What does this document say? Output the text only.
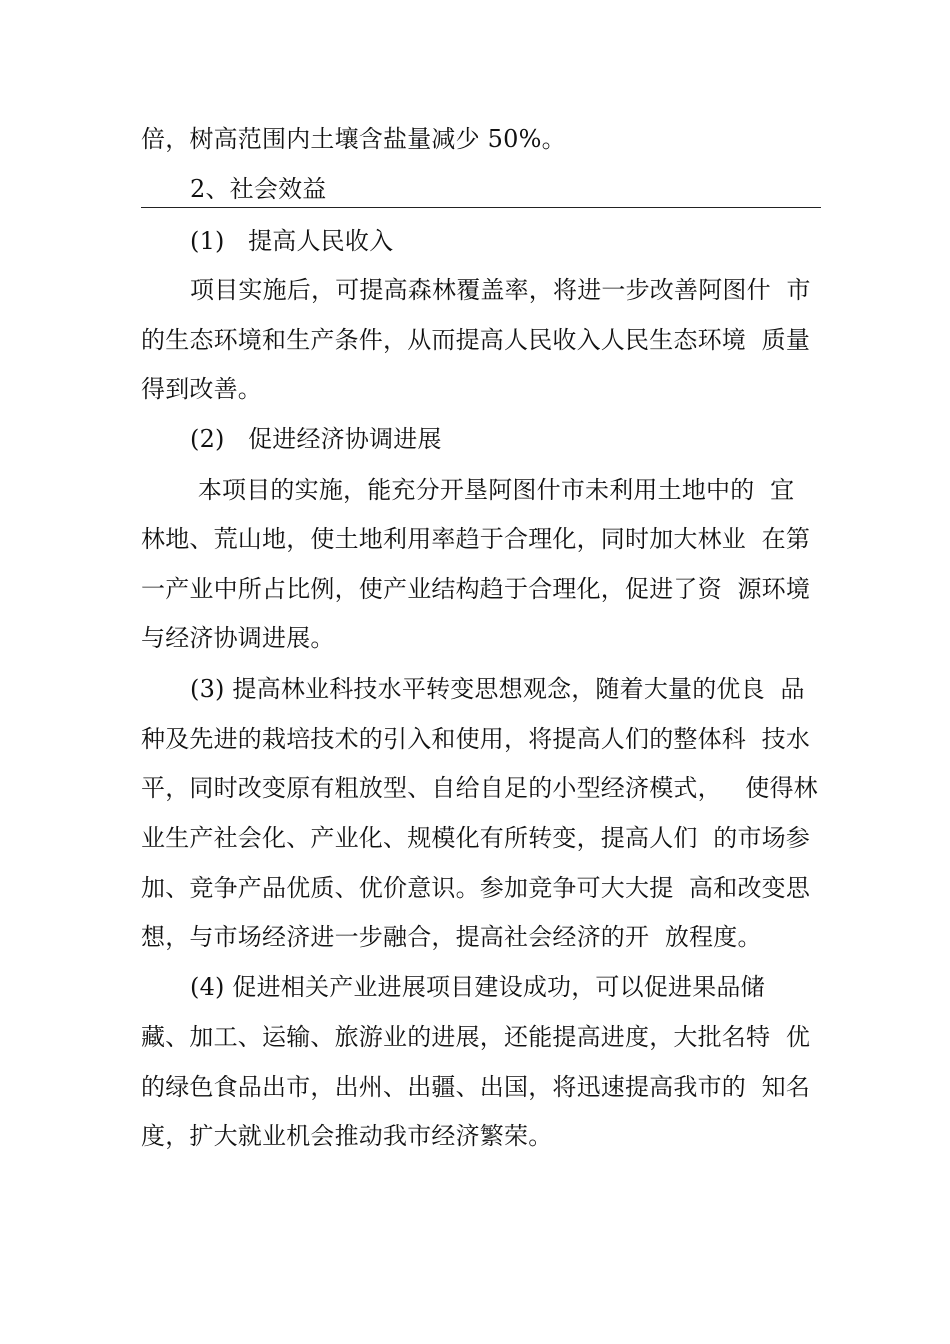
倍，树高范围内土壤含盐量减少 50%。
2、社会效益
(1)   提高人民收入
项目实施后，可提高森林覆盖率，将进一步改善阿图什  市
的生态环境和生产条件，从而提高人民收入人民生态环境  质量
得到改善。
(2)   促进经济协调进展
本项目的实施，能充分开垦阿图什市未利用土地中的  宜
林地、荒山地，使土地利用率趋于合理化，同时加大林业  在第
一产业中所占比例，使产业结构趋于合理化，促进了资  源环境
与经济协调进展。
(3) 提高林业科技水平转变思想观念，随着大量的优良  品
种及先进的栽培技术的引入和使用，将提高人们的整体科  技水
平，同时改变原有粗放型、自给自足的小型经济模式，   使得林
业生产社会化、产业化、规模化有所转变，提高人们  的市场参
加、竞争产品优质、优价意识。参加竞争可大大提  高和改变思
想，与市场经济进一步融合，提高社会经济的开  放程度。
(4) 促进相关产业进展项目建设成功，可以促进果品储
藏、加工、运输、旅游业的进展，还能提高进度，大批名特  优
的绿色食品出市，出州、出疆、出国，将迅速提高我市的  知名
度，扩大就业机会推动我市经济繁荣。
